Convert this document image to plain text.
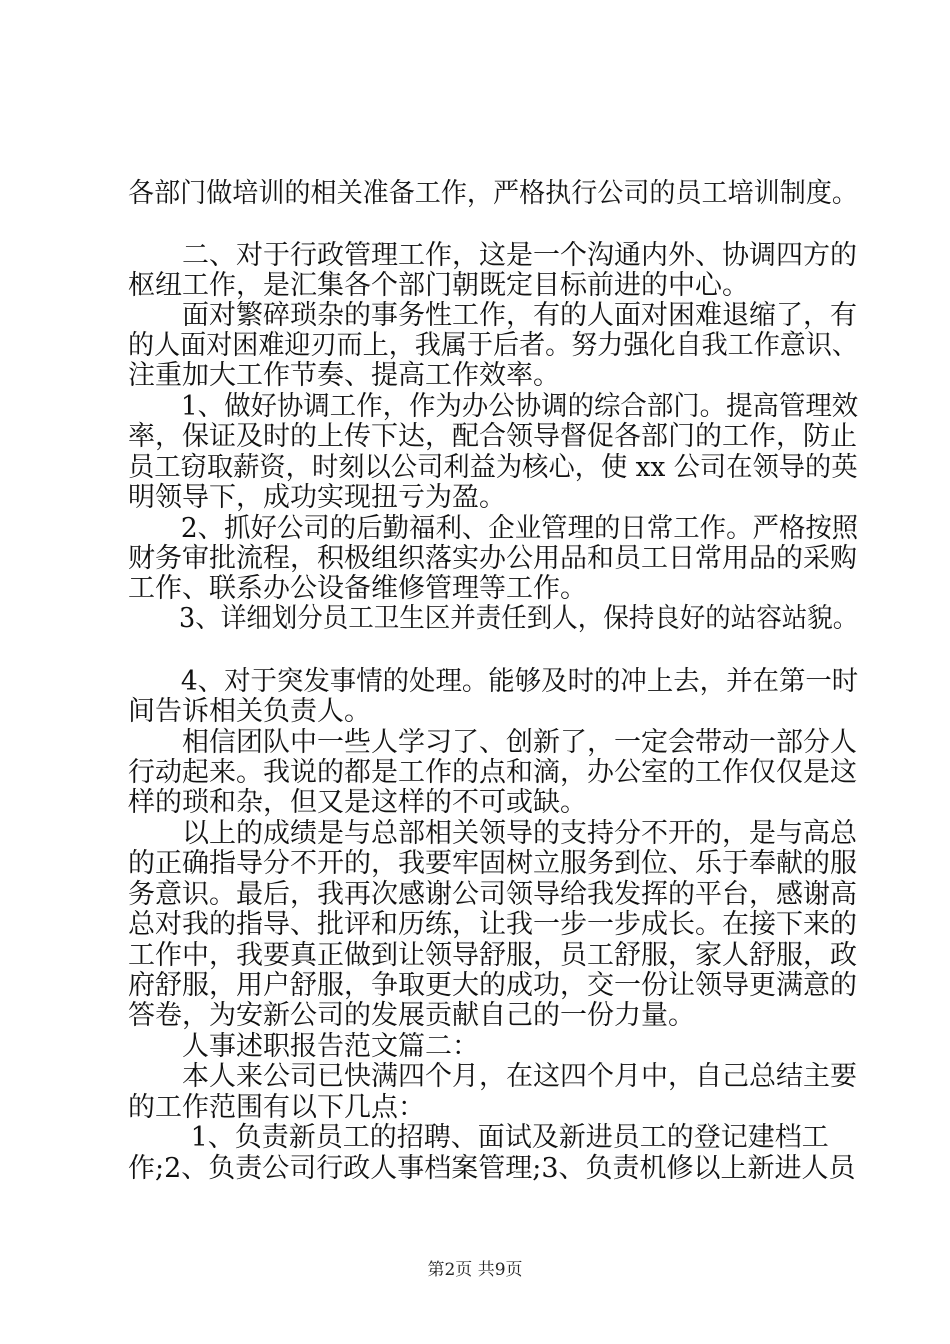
各部门做培训的相关准备工作，严格执行公司的员工培训制度。

　　二、对于行政管理工作，这是一个沟通内外、协调四方的

枢纽工作，是汇集各个部门朝既定目标前进的中心。

　　面对繁碎琐杂的事务性工作，有的人面对困难退缩了，有

的人面对困难迎刃而上，我属于后者。努力强化自我工作意识、

注重加大工作节奏、提高工作效率。

　　1、做好协调工作，作为办公协调的综合部门。提高管理效

率，保证及时的上传下达，配合领导督促各部门的工作，防止

员工窃取薪资，时刻以公司利益为核心，使 xx 公司在领导的英

明领导下，成功实现扭亏为盈。

　　2、抓好公司的后勤福利、企业管理的日常工作。严格按照

财务审批流程，积极组织落实办公用品和员工日常用品的采购

工作、联系办公设备维修管理等工作。

　　3、详细划分员工卫生区并责任到人，保持良好的站容站貌。

　　4、对于突发事情的处理。能够及时的冲上去，并在第一时

间告诉相关负责人。

　　相信团队中一些人学习了、创新了，一定会带动一部分人

行动起来。我说的都是工作的点和滴，办公室的工作仅仅是这

样的琐和杂，但又是这样的不可或缺。

　　以上的成绩是与总部相关领导的支持分不开的，是与高总

的正确指导分不开的，我要牢固树立服务到位、乐于奉献的服

务意识。最后，我再次感谢公司领导给我发挥的平台，感谢高

总对我的指导、批评和历练，让我一步一步成长。在接下来的

工作中，我要真正做到让领导舒服，员工舒服，家人舒服，政

府舒服，用户舒服，争取更大的成功，交一份让领导更满意的

答卷，为安新公司的发展贡献自己的一份力量。

　　人事述职报告范文篇二：

　　本人来公司已快满四个月，在这四个月中，自己总结主要

的工作范围有以下几点：

　　 1、负责新员工的招聘、面试及新进员工的登记建档工

作;2、负责公司行政人事档案管理;3、负责机修以上新进人员

第2页 共9页
